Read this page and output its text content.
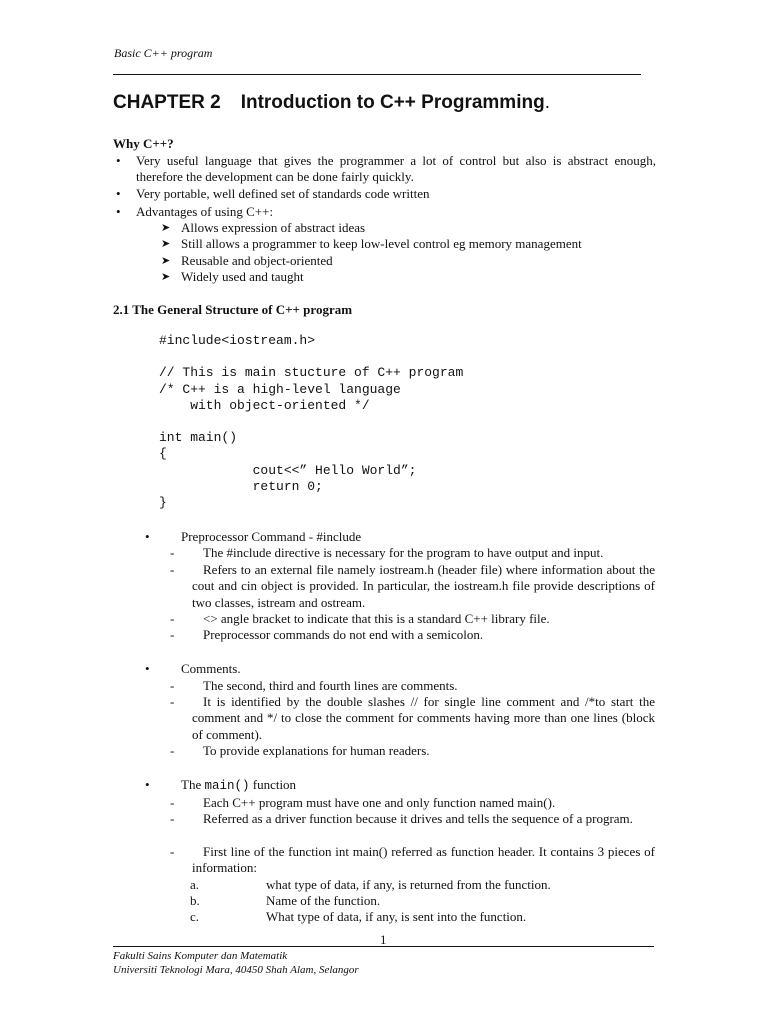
Basic C++ program
CHAPTER 2 Introduction to C++ Programming.
Why C++?
• Very useful language that gives the programmer a lot of control but also is abstract enough, therefore the development can be done fairly quickly.
• Very portable, well defined set of standards code written
• Advantages of using C++:
➤ Allows expression of abstract ideas
➤ Still allows a programmer to keep low-level control eg memory management
➤ Reusable and object-oriented
➤ Widely used and taught
2.1 The General Structure of C++ program
#include<iostream.h>
// This is main stucture of C++ program
/* C++ is a high-level language
with object-oriented */
int main()
{
cout<<” Hello World”;
return 0;
}
• Preprocessor Command - #include
-	The #include directive is necessary for the program to have output and input.
-	Refers to an external file namely iostream.h (header file) where information about the cout and cin object is provided. In particular, the iostream.h file provide descriptions of two classes, istream and ostream.
-	<> angle bracket to indicate that this is a standard C++ library file.
-	Preprocessor commands do not end with a semicolon.
• Comments.
-	The second, third and fourth lines are comments.
-	It is identified by the double slashes // for single line comment and /*to start the comment and */ to close the comment for comments having more than one lines (block of comment).
-	To provide explanations for human readers.
• The main() function
-	Each C++ program must have one and only function named main().
-	Referred as a driver function because it drives and tells the sequence of a program.
-	First line of the function int main() referred as function header. It contains 3 pieces of information:
a.	what type of data, if any, is returned from the function.
b.	Name of the function.
c.	What type of data, if any, is sent into the function.
1
Fakulti Sains Komputer dan Matematik
Universiti Teknologi Mara, 40450 Shah Alam, Selangor
